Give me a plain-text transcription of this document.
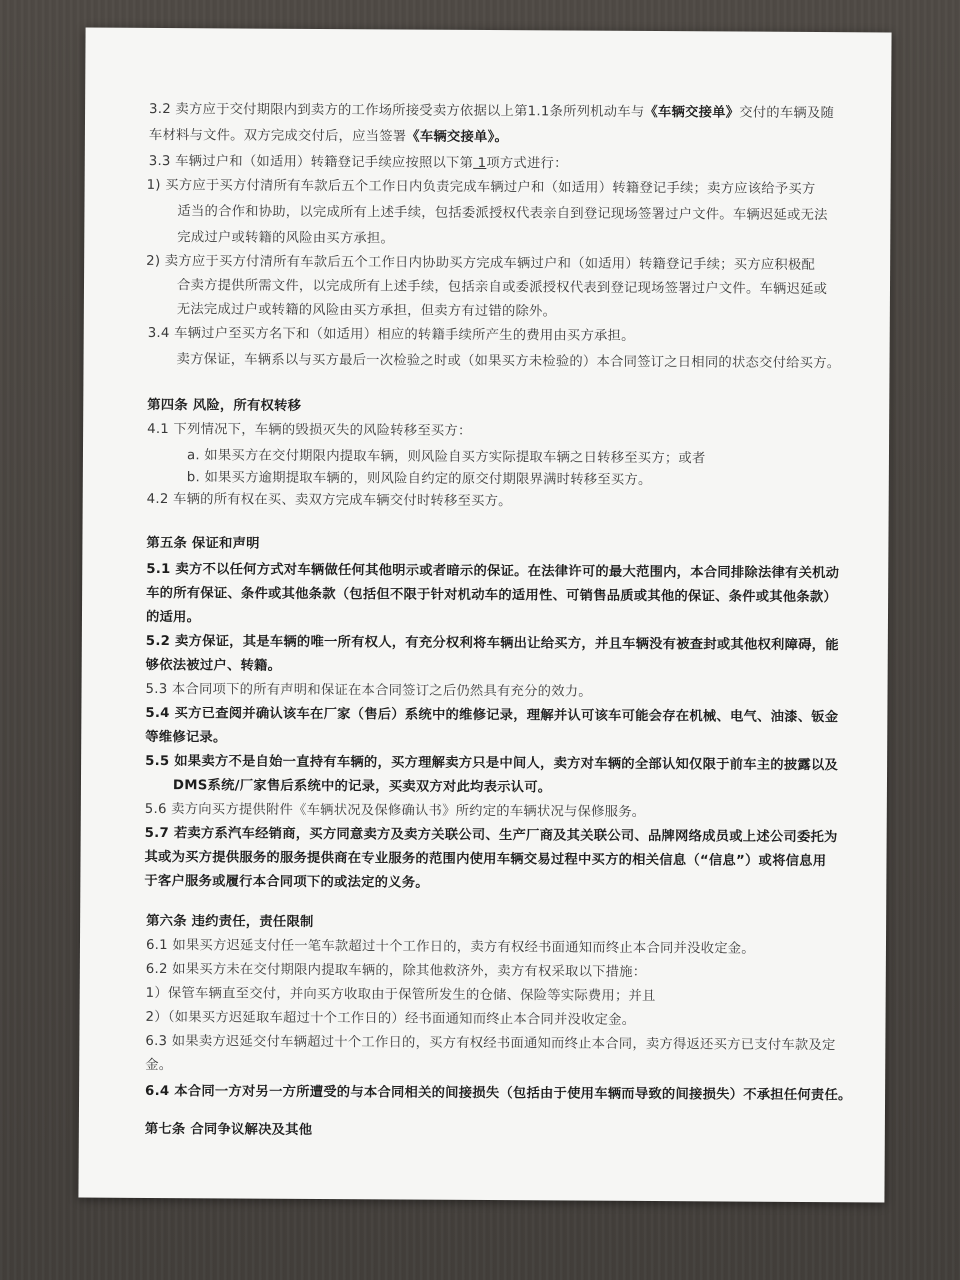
3.2 卖方应于交付期限内到卖方的工作场所接受卖方依据以上第1.1条所列机动车与《车辆交接单》交付的车辆及随

车材料与文件。双方完成交付后，应当签署《车辆交接单》。

3.3 车辆过户和（如适用）转籍登记手续应按照以下第 1项方式进行：

1) 买方应于买方付清所有车款后五个工作日内负责完成车辆过户和（如适用）转籍登记手续；卖方应该给予买方

适当的合作和协助，以完成所有上述手续，包括委派授权代表亲自到登记现场签署过户文件。车辆迟延或无法

完成过户或转籍的风险由买方承担。

2) 卖方应于买方付清所有车款后五个工作日内协助买方完成车辆过户和（如适用）转籍登记手续；买方应积极配

合卖方提供所需文件，以完成所有上述手续，包括亲自或委派授权代表到登记现场签署过户文件。车辆迟延或

无法完成过户或转籍的风险由买方承担，但卖方有过错的除外。

3.4 车辆过户至买方名下和（如适用）相应的转籍手续所产生的费用由买方承担。

卖方保证，车辆系以与买方最后一次检验之时或（如果买方未检验的）本合同签订之日相同的状态交付给买方。

第四条 风险，所有权转移

4.1 下列情况下，车辆的毁损灭失的风险转移至买方：

a. 如果买方在交付期限内提取车辆，则风险自买方实际提取车辆之日转移至买方；或者

b. 如果买方逾期提取车辆的，则风险自约定的原交付期限界满时转移至买方。

4.2 车辆的所有权在买、卖双方完成车辆交付时转移至买方。

第五条 保证和声明

5.1 卖方不以任何方式对车辆做任何其他明示或者暗示的保证。在法律许可的最大范围内，本合同排除法律有关机动

车的所有保证、条件或其他条款（包括但不限于针对机动车的适用性、可销售品质或其他的保证、条件或其他条款）

的适用。

5.2 卖方保证，其是车辆的唯一所有权人，有充分权利将车辆出让给买方，并且车辆没有被查封或其他权利障碍，能

够依法被过户、转籍。

5.3 本合同项下的所有声明和保证在本合同签订之后仍然具有充分的效力。

5.4 买方已查阅并确认该车在厂家（售后）系统中的维修记录，理解并认可该车可能会存在机械、电气、油漆、钣金

等维修记录。

5.5 如果卖方不是自始一直持有车辆的，买方理解卖方只是中间人，卖方对车辆的全部认知仅限于前车主的披露以及

DMS系统/厂家售后系统中的记录，买卖双方对此均表示认可。

5.6 卖方向买方提供附件《车辆状况及保修确认书》所约定的车辆状况与保修服务。

5.7 若卖方系汽车经销商，买方同意卖方及卖方关联公司、生产厂商及其关联公司、品牌网络成员或上述公司委托为

其或为买方提供服务的服务提供商在专业服务的范围内使用车辆交易过程中买方的相关信息（“信息”）或将信息用

于客户服务或履行本合同项下的或法定的义务。

第六条 违约责任，责任限制

6.1 如果买方迟延支付任一笔车款超过十个工作日的，卖方有权经书面通知而终止本合同并没收定金。

6.2 如果买方未在交付期限内提取车辆的，除其他救济外，卖方有权采取以下措施：

1）保管车辆直至交付，并向买方收取由于保管所发生的仓储、保险等实际费用；并且

2）（如果买方迟延取车超过十个工作日的）经书面通知而终止本合同并没收定金。

6.3 如果卖方迟延交付车辆超过十个工作日的，买方有权经书面通知而终止本合同，卖方得返还买方已支付车款及定

金。

6.4 本合同一方对另一方所遭受的与本合同相关的间接损失（包括由于使用车辆而导致的间接损失）不承担任何责任。

第七条 合同争议解决及其他
